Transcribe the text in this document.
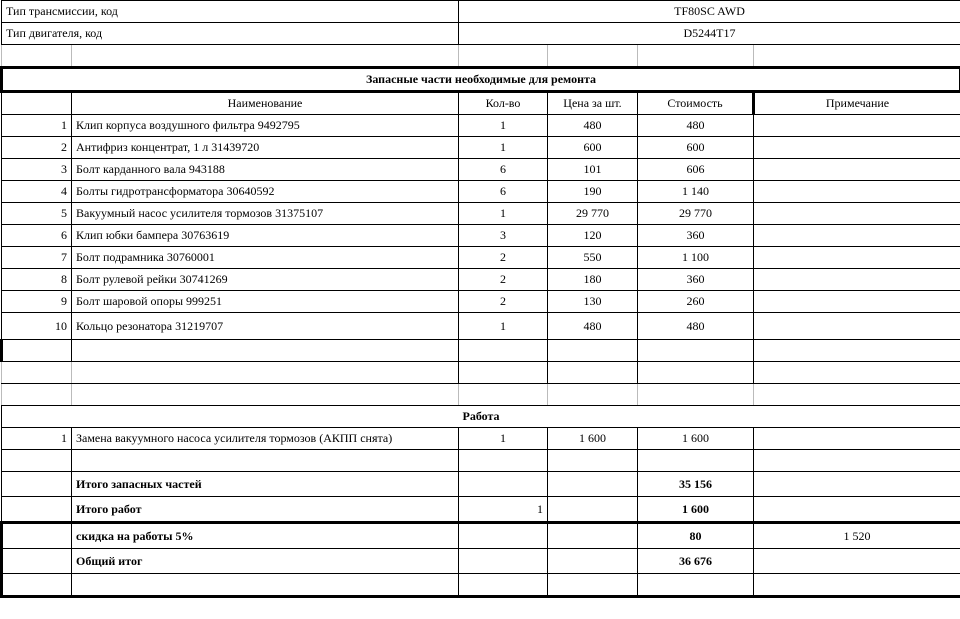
Тип трансмиссии, код		TF80SC AWD			
Тип двигателя, код		D5244T17			

Запасные части необходимые для ремонта					
	Наименование	Кол-во	Цена за шт.	Стоимость	Примечание
1	Клип корпуса воздушного фильтра 9492795	1	480	480	
2	Антифриз концентрат, 1 л 31439720	1	600	600	
3	Болт карданного вала 943188	6	101	606	
4	Болты гидротрансформатора 30640592	6	190	1 140	
5	Вакуумный насос усилителя тормозов 31375107	1	29 770	29 770	
6	Клип юбки бампера 30763619	3	120	360	
7	Болт подрамника 30760001	2	550	1 100	
8	Болт рулевой рейки 30741269	2	180	360	
9	Болт шаровой опоры 999251	2	130	260	
10	Кольцо резонатора 31219707	1	480	480	

Работа					
1	Замена вакуумного насоса усилителя тормозов (АКПП снята)	1	1 600	1 600	

	Итого запасных частей			35 156	
	Итого работ	1		1 600	
	скидка на работы 5%			80	1 520
	Общий итог			36 676	
